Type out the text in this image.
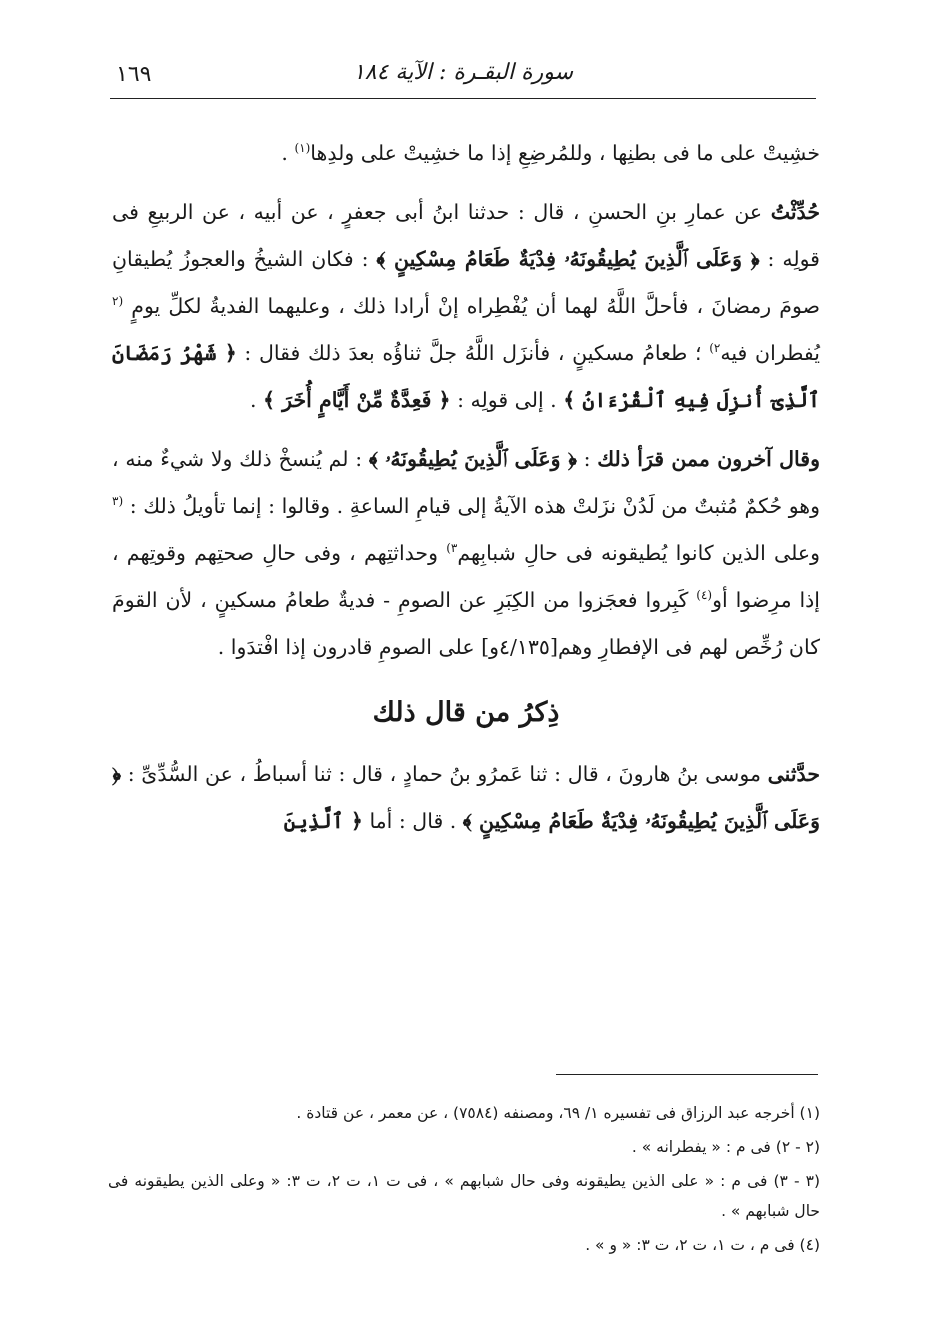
١٦٩	سورة البقـرة : الآية ١٨٤

خشِيتْ على ما فى بطنِها ، وللمُرضِعِ إذا ما خشِيتْ على ولدِها$^{(١)}$ .

حُدِّثْتُ عن عمارِ بنِ الحسنِ ، قال : حدثنا ابنُ أبى جعفرٍ ، عن أبيه ، عن الربيعِ فى قولِه : ﴿ وَعَلَى ٱلَّذِينَ يُطِيقُونَهُۥ فِدْيَةٌ طَعَامُ مِسْكِينٍ ﴾ : فكان الشيخُ والعجوزُ يُطيقانِ صومَ رمضانَ ، فأحلَّ اللَّهُ لهما أن يُفْطِراه إنْ أرادا ذلك ، وعليهما الفديةُ لكلِّ يومٍ $^{(٢}$ يُفطران فيه$^{٢)}$ ؛ طعامُ مسكينٍ ، فأنزَل اللَّهُ جلَّ ثناؤُه بعدَ ذلك فقال : ﴿ شَهْرُ رَمَضَانَ ٱلَّذِىٓ أُنزِلَ فِيهِ ٱلْقُرْءَانُ ﴾ . إلى قولِه : ﴿ فَعِدَّةٌ مِّنْ أَيَّامٍ أُخَرَ ﴾ .

وقال آخرون ممن قرَأ ذلك : ﴿ وَعَلَى ٱلَّذِينَ يُطِيقُونَهُۥ ﴾ : لم يُنسخْ ذلك ولا شيءٌ منه ، وهو حُكمٌ مُثبتٌ من لَدُنْ نزَلتْ هذه الآيةُ إلى قيامِ الساعةِ . وقالوا : إنما تأويلُ ذلك : $^{(٣}$ وعلى الذين كانوا يُطيقونه فى حالِ شبابِهم$^{٣)}$ وحداثتِهم ، وفى حالِ صحتِهم وقوتِهم ، إذا مرِضوا أو$^{(٤)}$ كَبِروا فعجَزوا من الكِبَرِ عن الصومِ - فديةٌ طعامُ مسكينٍ ، لأن القومَ كان رُخِّص لهم فى الإفطارِ وهم[٤/١٣٥و] على الصومِ قادرون إذا افْتدَوا .

ذِكرُ من قال ذلك

حدَّثنى موسى بنُ هارونَ ، قال : ثنا عَمرُو بنُ حمادٍ ، قال : ثنا أسباطُ ، عن السُّدِّىِّ : ﴿ وَعَلَى ٱلَّذِينَ يُطِيقُونَهُۥ فِدْيَةٌ طَعَامُ مِسْكِينٍ ﴾ . قال : أما ﴿ ٱلَّذِينَ

(١) أخرجه عبد الرزاق فى تفسيره ١/ ٦٩، ومصنفه (٧٥٨٤) ، عن معمر ، عن قتادة .

(٢ - ٢) فى م : « يفطرانه » .

(٣ - ٣) فى م : « على الذين يطيقونه وفى حال شبابهم » ، فى ت ١، ت ٢، ت ٣: « وعلى الذين يطيقونه فى حال شبابهم » .

(٤) فى م ، ت ١، ت ٢، ت ٣: « و » .
